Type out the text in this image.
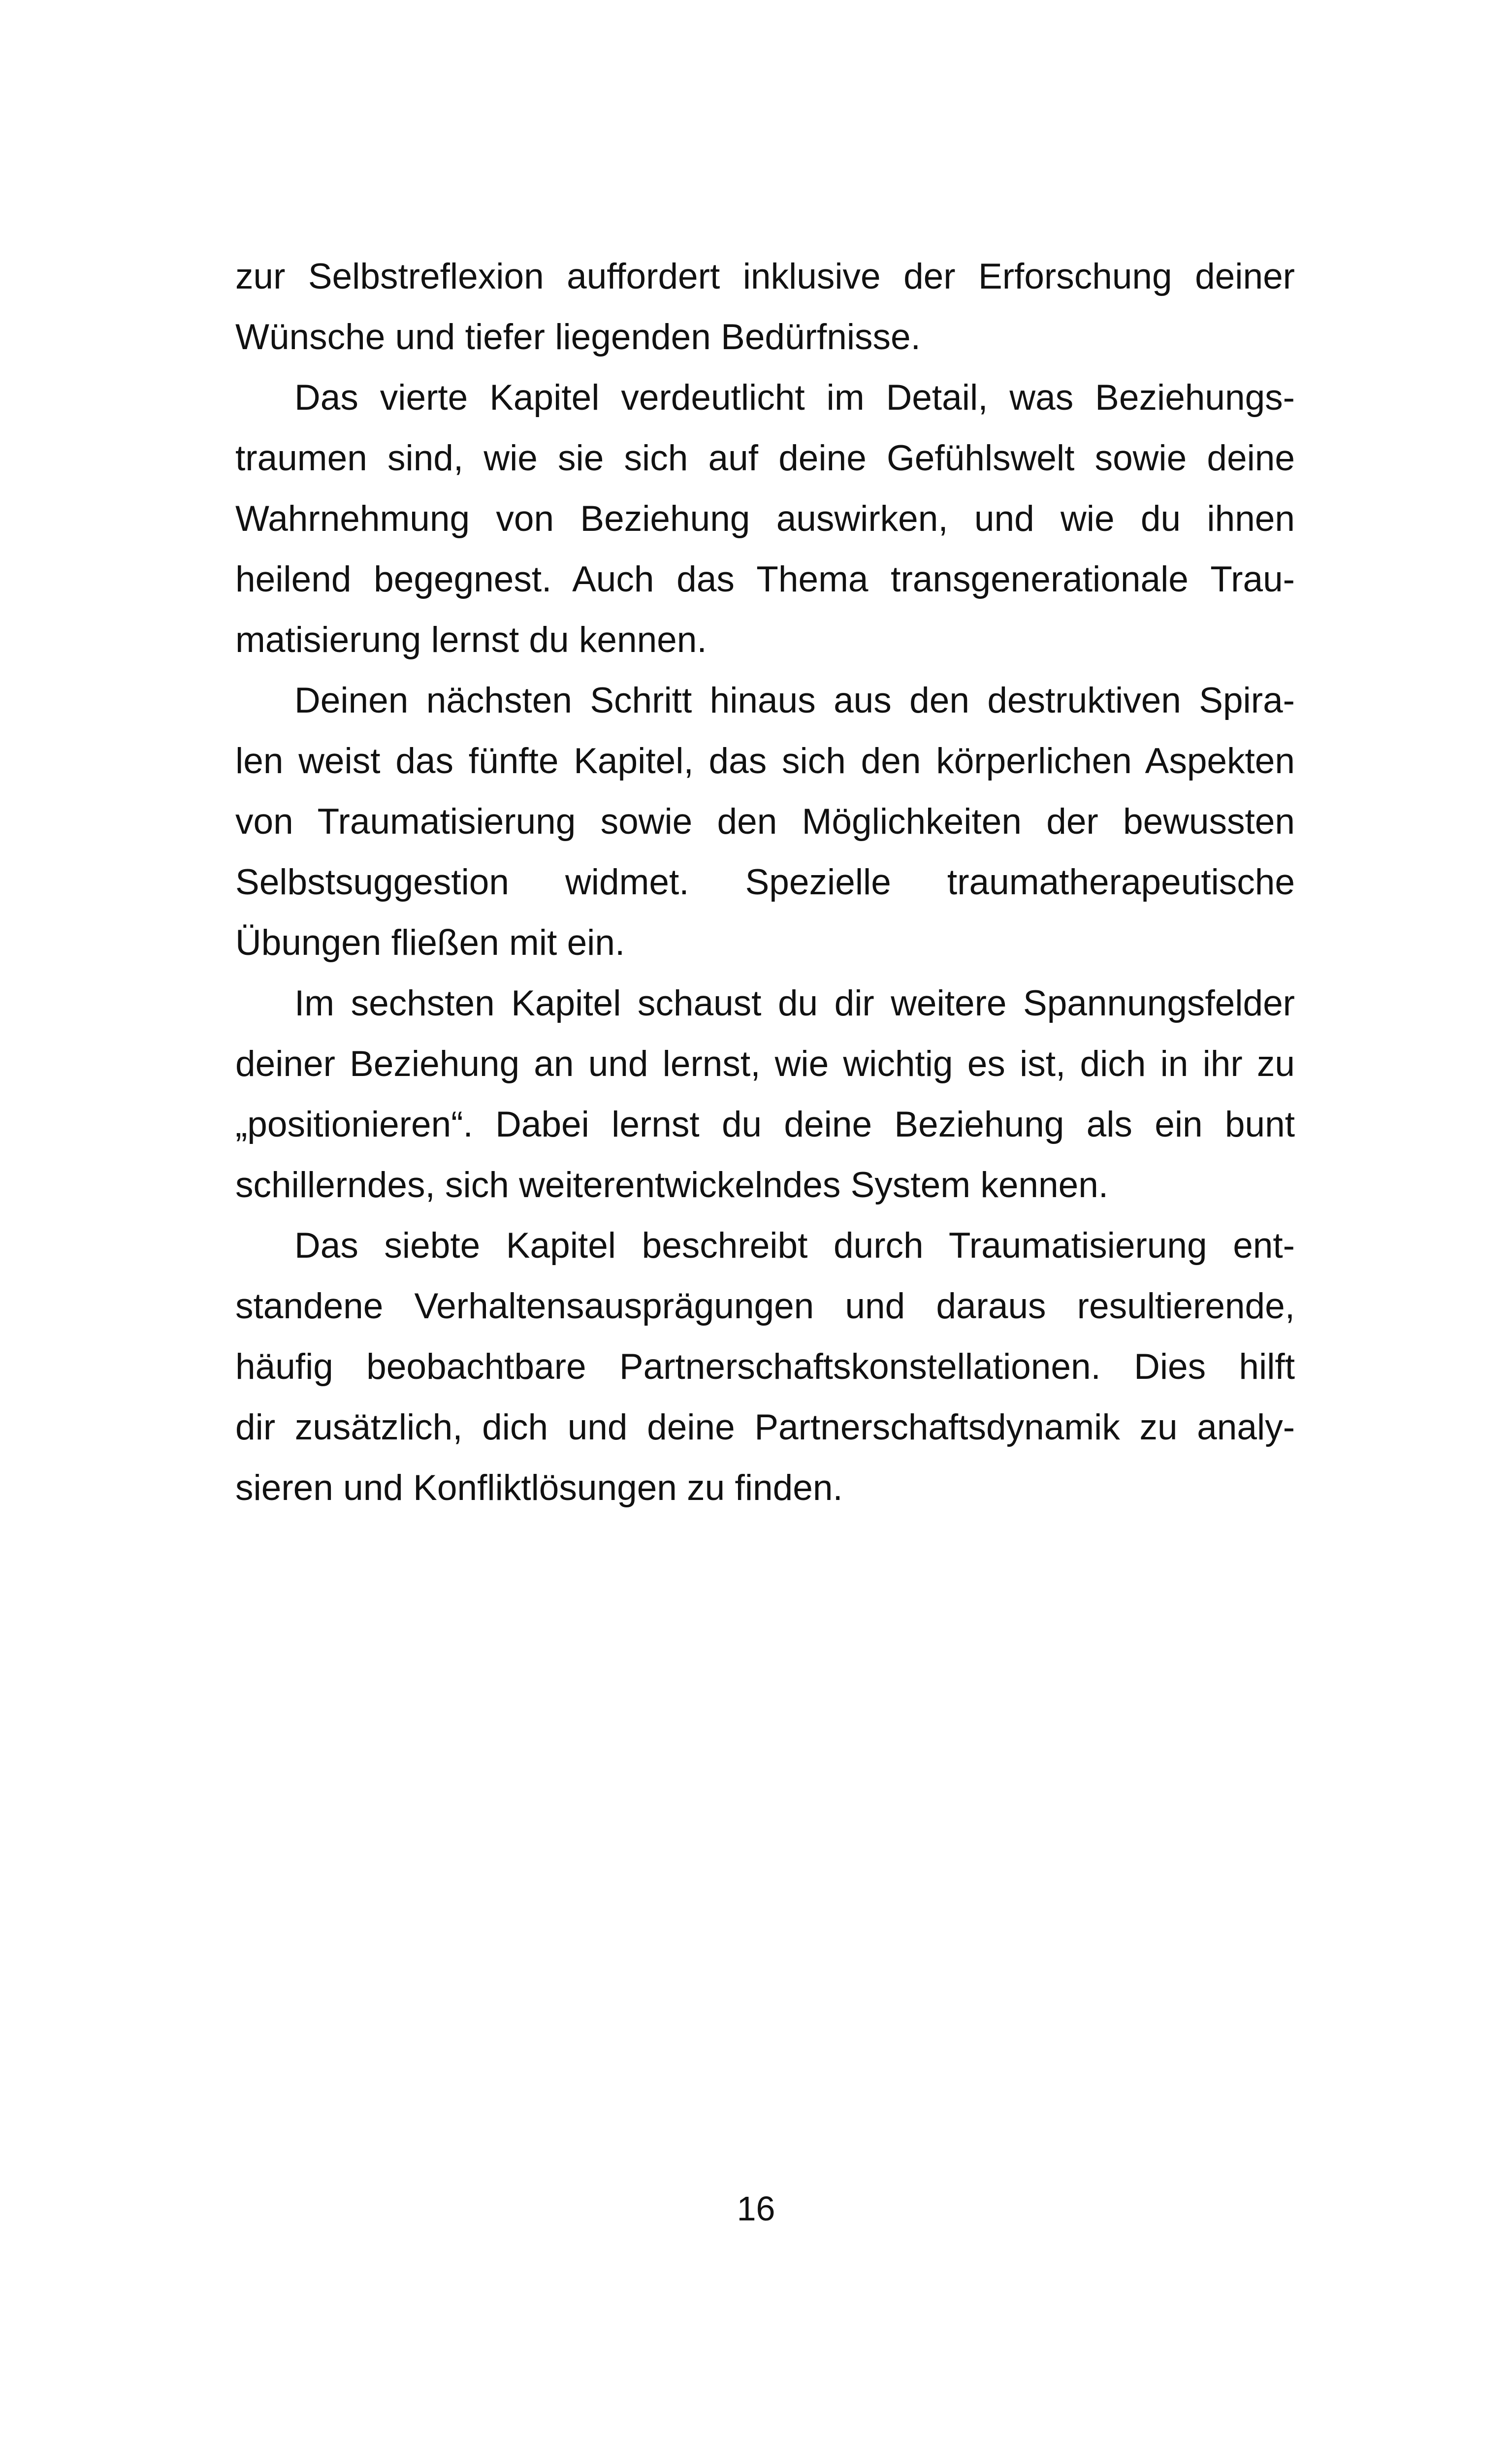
zur Selbstreflexion auffordert inklusive der Erforschung deiner
Wünsche und tiefer liegenden Bedürfnisse.
Das vierte Kapitel verdeutlicht im Detail, was Beziehungs-
traumen sind, wie sie sich auf deine Gefühlswelt sowie deine
Wahrnehmung von Beziehung auswirken, und wie du ihnen
heilend begegnest. Auch das Thema transgenerationale Trau-
matisierung lernst du kennen.
Deinen nächsten Schritt hinaus aus den destruktiven Spira-
len weist das fünfte Kapitel, das sich den körperlichen Aspekten
von Traumatisierung sowie den Möglichkeiten der bewussten
Selbstsuggestion widmet. Spezielle traumatherapeutische
Übungen fließen mit ein.
Im sechsten Kapitel schaust du dir weitere Spannungsfelder
deiner Beziehung an und lernst, wie wichtig es ist, dich in ihr zu
„positionieren“. Dabei lernst du deine Beziehung als ein bunt
schillerndes, sich weiterentwickelndes System kennen.
Das siebte Kapitel beschreibt durch Traumatisierung ent-
standene Verhaltensausprägungen und daraus resultierende,
häufig beobachtbare Partnerschaftskonstellationen. Dies hilft
dir zusätzlich, dich und deine Partnerschaftsdynamik zu analy-
sieren und Konfliktlösungen zu finden.
16
